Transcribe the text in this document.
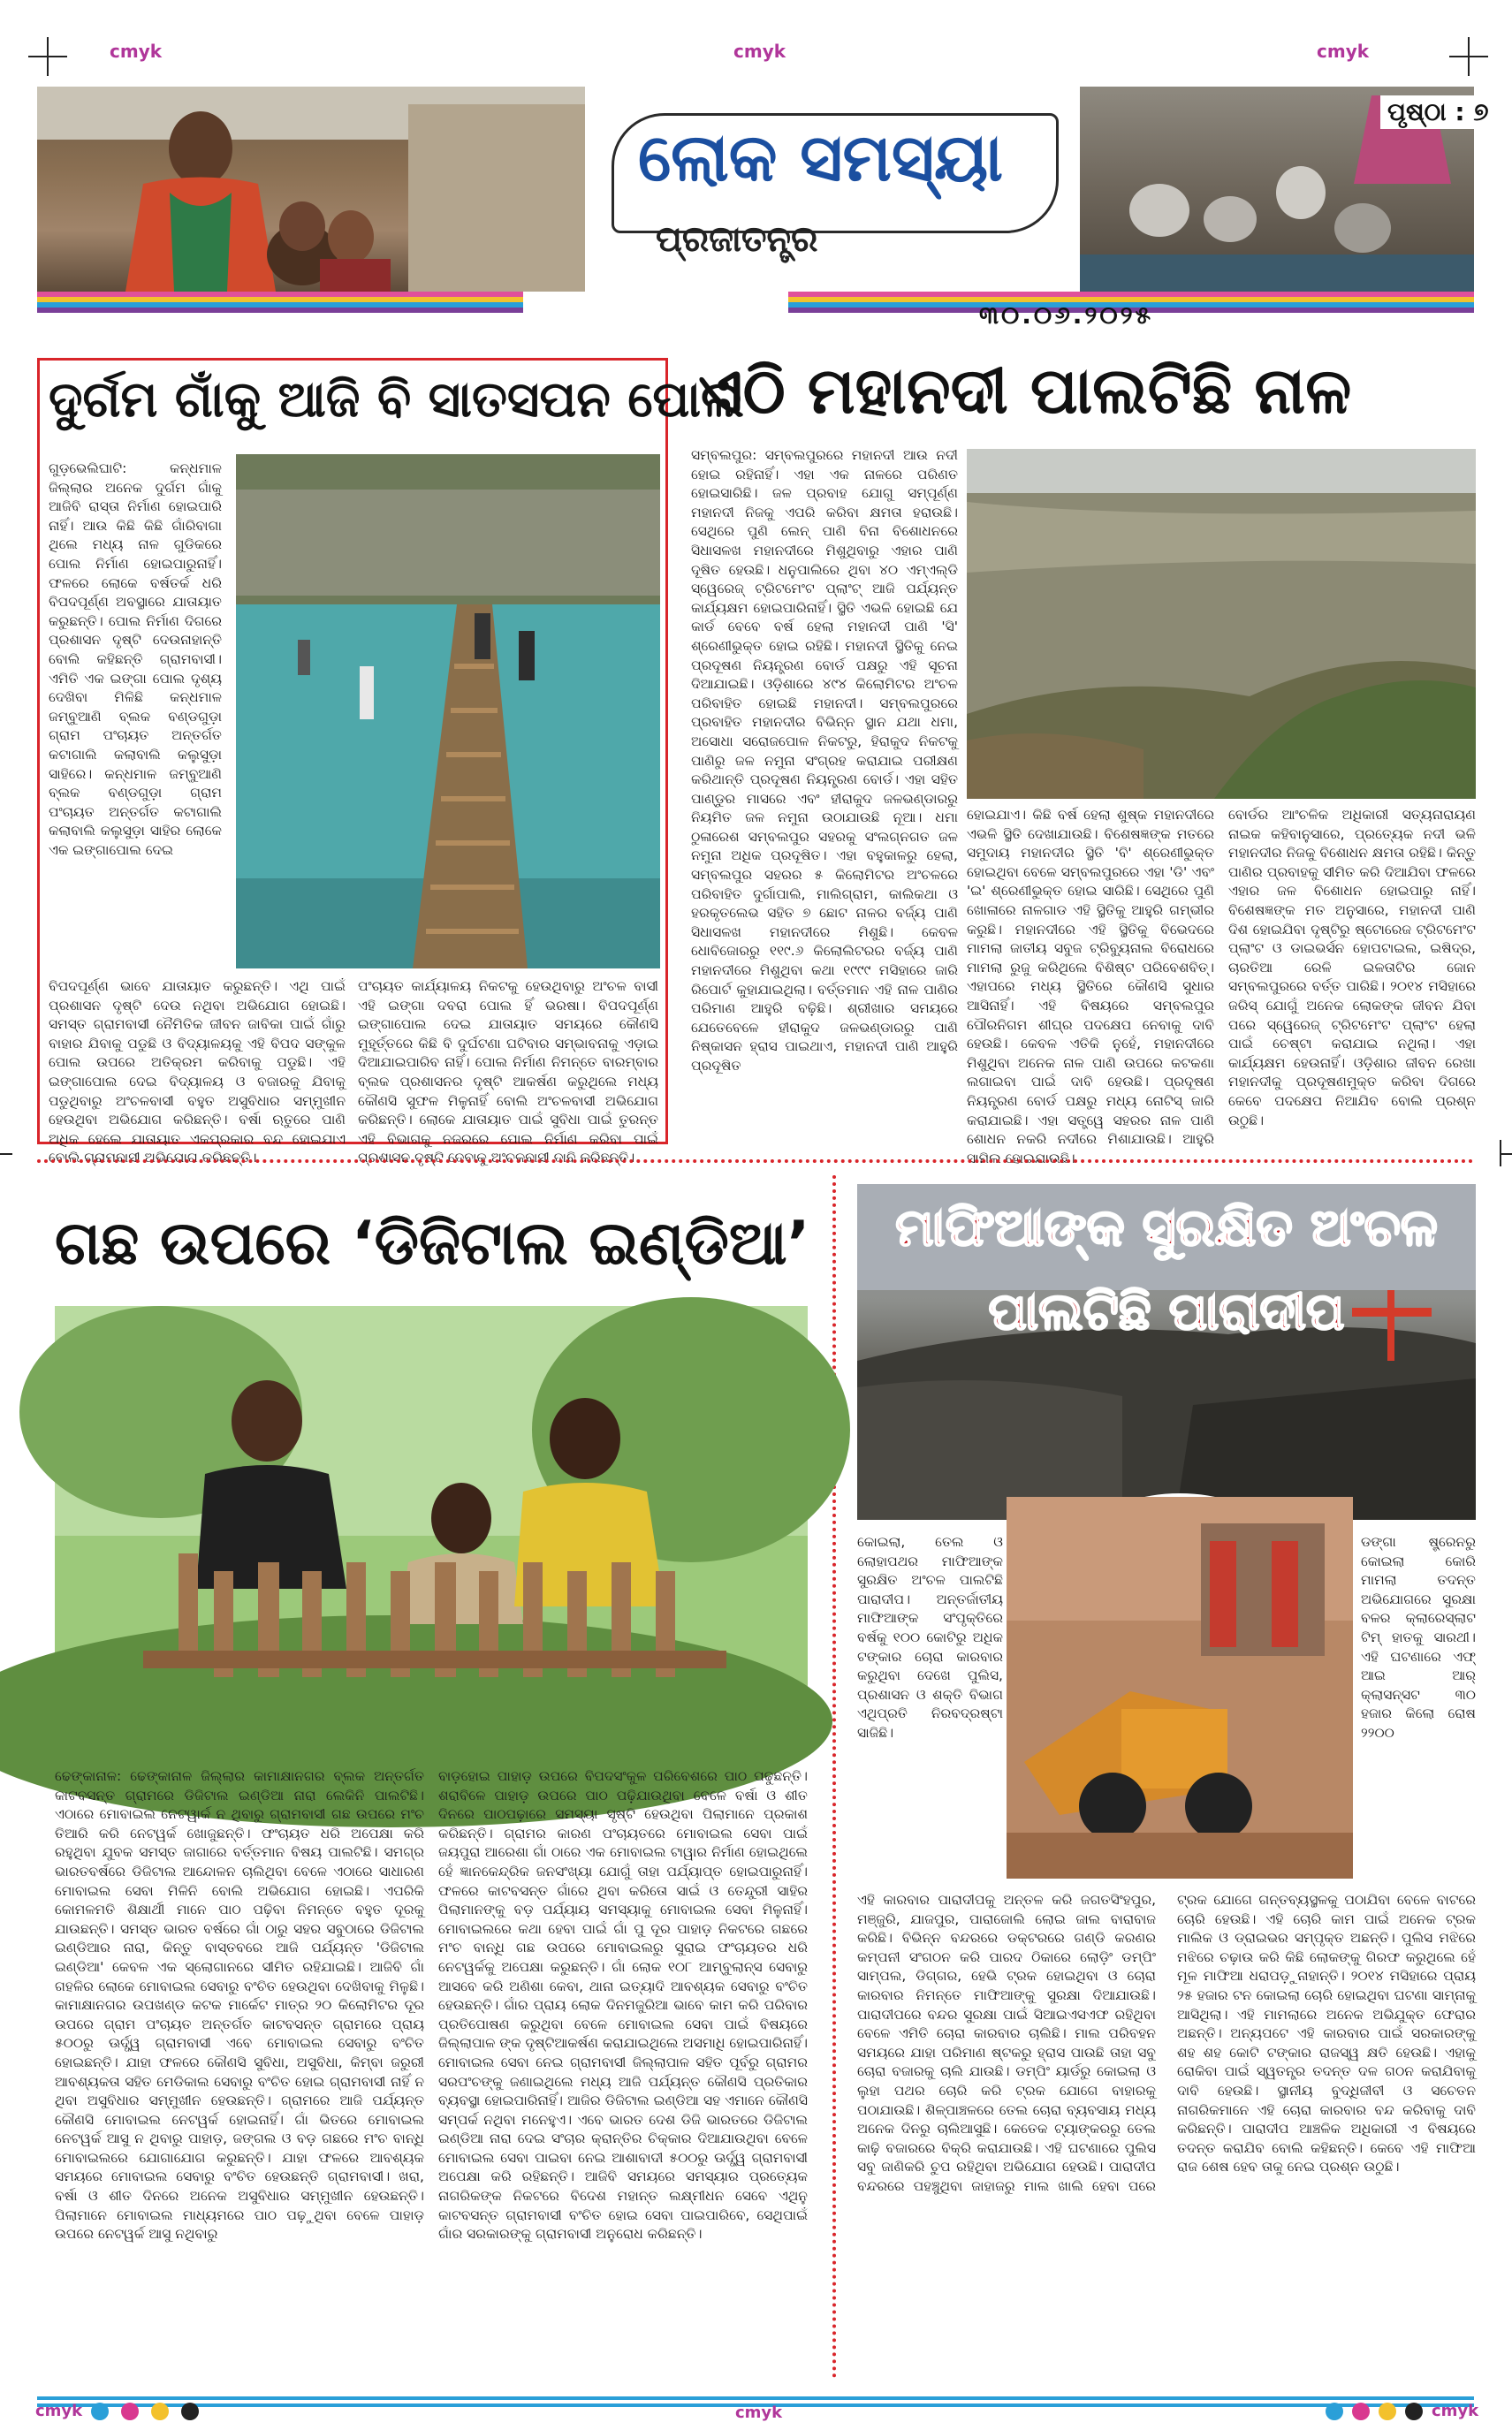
cmyk	cmyk	cmyk
ଲୋକ ସମସ୍ୟା
ପ୍ରଜାତନ୍ତ୍ର
ପୃଷ୍ଠା : ୭
୩୦.୦୬.୨୦୨୫
ଦୁର୍ଗମ ଗାଁକୁ ଆଜି ବି ସାତସପନ ପୋଲ
ଗୁଡ଼ଭେଲିଘାଟି: କନ୍ଧମାଳ ଜିଲ୍ଲାର ଅନେକ ଦୁର୍ଗମ ଗାଁକୁ ଆଜିବି ରାସ୍ତା ନିର୍ମାଣ ହୋଇପାରି ନାହିଁ। ଆଉ କିଛି କିଛି ଗାଁରିବାଗା ଥିଲେ ମଧ୍ୟ ନାଳ ଗୁଡିକରେ ପୋଲ ନିର୍ମାଣ ହୋଇପାରୁନାହିଁ। ଫଳରେ ଲୋକେ ବର୍ଷତର୍କ ଧରି ବିପଦପୂର୍ଣ୍ଣ ଅବସ୍ଥାରେ ଯାତାୟାତ କରୁଛନ୍ତି। ପୋଲ ନିର୍ମାଣ ଦିଗରେ ପ୍ରଶାସନ ଦୃଷ୍ଟି ଦେଉନାହାନ୍ତି ବୋଲି କହିଛନ୍ତି ଗ୍ରାମବାସୀ। ଏମିତି ଏକ ଇଙ୍ଗା ପୋଲ ଦୃଶ୍ୟ ଦେଖିବା ମିଳିଛି କନ୍ଧମାଳ ଜମ୍ବୁଆଣି ବ୍ଲକ ବଣ୍ଡଗୁଡ଼ା ଗ୍ରାମ ପଂଚାୟତ ଅନ୍ତର୍ଗତ କଟାଗାଲି କଲାବାଲି କଲୁସୁଡ଼ା ସାହିରେ। କନ୍ଧମାଳ ଜମ୍ବୁଆଣି ବ୍ଲକ ବଣ୍ଡଗୁଡ଼ା ଗ୍ରାମ ପଂଚାୟତ ଅନ୍ତର୍ଗତ କଟାଗାଲି କଲାବାଲି କଲୁସୁଡ଼ା ସାହିର ଲୋକେ ଏକ ଇଙ୍ଗାପୋଲ ଦେଇ
ବିପଦପୂର୍ଣ୍ଣ ଭାବେ ଯାତାୟାତ କରୁଛନ୍ତି। ଏଥି ପାଇଁ ପ୍ରଶାସନ ଦୃଷ୍ଟି ଦେଉ ନଥିବା ଅଭିଯୋଗ ହୋଇଛି। ସମସ୍ତ ଗ୍ରାମବାସୀ ନୈମିତିକ ଜୀବନ ଜାବିକା ପାଇଁ ଗାଁରୁ ବାହାର ଯିବାକୁ ପଡୁଛି ଓ ବିଦ୍ୟାଳୟକୁ ଏହି ବିପଦ ସଙ୍କୁଳ ପୋଲ ଉପରେ ଅତିକ୍ରମ କରିବାକୁ ପଡୁଛି। ଏହି ଇଙ୍ଗାପୋଲ ଦେଇ ବିଦ୍ୟାଳୟ ଓ ବଜାରକୁ ଯିବାକୁ ପଡୁଥିବାରୁ ଅଂଚଳବାସୀ ବହୁତ ଅସୁବିଧାର ସମ୍ମୁଖୀନ ହେଉଥିବା ଅଭିଯୋଗ କରିଛନ୍ତି। ବର୍ଷା ଋତୁରେ ପାଣି ଅଧିକ ହେଲେ ଯାତାୟାତ ଏକପ୍ରକାର ବନ୍ଦ ହୋଇଯାଏ ବୋଲି ଗ୍ରାମବାସୀ ଅଭିଯୋଗ କରିଛନ୍ତି।
ପଂଚାୟତ କାର୍ଯ୍ୟାଳୟ ନିକଟକୁ ହେଉଥିବାରୁ ଅଂଚଳ ବାସୀ ଏହି ଇଙ୍ଗା ଦବରା ପୋଲ ହିଁ ଭରଷା। ବିପଦପୂର୍ଣ୍ଣ ଇଙ୍ଗାପୋଲ ଦେଇ ଯାତାୟାତ ସମୟରେ କୌଣସି ମୁହୂର୍ତ୍ତରେ କିଛି ବି ଦୁର୍ଘଟଣା ଘଟିବାର ସମ୍ଭାବନାକୁ ଏଡ଼ାଇ ଦିଆଯାଇପାରିବ ନାହିଁ। ପୋଲ ନିର୍ମାଣ ନିମନ୍ତେ ବାରମ୍ବାର ବ୍ଲକ ପ୍ରଶାସନର ଦୃଷ୍ଟି ଆକର୍ଷଣ କରୁଥିଲେ ମଧ୍ୟ କୌଣସି ସୁଫଳ ମିଳୁନାହିଁ ବୋଲି ଅଂଚଳବାସୀ ଅଭିଯୋଗ କରିଛନ୍ତି। ଲୋକେ ଯାତାୟାତ ପାଇଁ ସୁବିଧା ପାଇଁ ତୁରନ୍ତ ଏହି ବିଭାଗକୁ ନଜରରେ ପୋଲ ନିର୍ମାଣ କରିବା ପାଇଁ ପ୍ରଶାସନ ଦୃଷ୍ଟି ଦେବାକୁ ଅଂଚଳବାସୀ ଦାବି କରିଛନ୍ତି।
ଏଠି ମହାନଦୀ ପାଲଟିଛି ନାଳ
ସମ୍ବଲପୁର: ସମ୍ବଲପୁରରେ ମହାନଦୀ ଆଉ ନଦୀ ହୋଇ ରହିନାହିଁ। ଏହା ଏକ ନାଳରେ ପରିଣତ ହୋଇସାରିଛି। ଜଳ ପ୍ରବାହ ଯୋଗୁ ସମ୍ପୂର୍ଣ୍ଣ ମହାନଦୀ ନିଜକୁ ଏପରି କରିବା କ୍ଷମତା ହରାଉଛି। ସେଥିରେ ପୁଣି ଲେନ୍ ପାଣି ବିନା ବିଶୋଧନରେ ସିଧାସଳଖ ମହାନଦୀରେ ମିଶୁଥିବାରୁ ଏହାର ପାଣି ଦୂଷିତ ହେଉଛି। ଧନୁପାଲିରେ ଥିବା ୪୦ ଏମ୍‌ଏଲ୍‌ଡି ସ୍ୱେରେଜ୍ ଟ୍ରିଟମେଂଟ ପ୍ଲାଂଟ୍ ଆଜି ପର୍ଯ୍ୟନ୍ତ କାର୍ଯ୍ୟକ୍ଷମ ହୋଇପାରିନାହିଁ। ସ୍ଥିତି ଏଭଳି ହୋଇଛି ଯେ କାର୍ଡ ବେବେ ବର୍ଷ ହେଲା ମହାନଦୀ ପାଣି 'ସି' ଶ୍ରେଣୀଭୁକ୍ତ ହୋଇ ରହିଛି। ମହାନଦୀ ସ୍ଥିତିକୁ ନେଇ ପ୍ରଦୂଷଣ ନିୟନ୍ତ୍ରଣ ବୋର୍ଡ ପକ୍ଷରୁ ଏହି ସୂଚନା ଦିଆଯାଇଛି। ଓଡ଼ିଶାରେ ୪୯୪ କିଲୋମିଟର ଅଂଚଳ ପରିବାହିତ ହୋଇଛି ମହାନଦୀ। ସମ୍ବଲପୁରରେ ପ୍ରବାହିତ ମହାନଦୀର ବିଭିନ୍ନ ସ୍ଥାନ ଯଥା ଧମା, ଅସୋଧା ସରୋଜପୋଳ ନିକଟରୁ, ହିରାକୁଦ ନିକଟକୁ ପାଣିରୁ ଜଳ ନମୁନା ସଂଗ୍ରହ କରାଯାଇ ପରୀକ୍ଷଣ କରିଥାନ୍ତି ପ୍ରଦୂଷଣ ନିୟନ୍ତ୍ରଣ ବୋର୍ଡ। ଏହା ସହିତ ପାଣ୍ଡୁର ମାସରେ ଏବଂ ହୀରାକୁଦ ଜଳଭଣ୍ଡାରରୁ ନିୟମିତ ଜଳ ନମୁନା ଉଠାଯାଉଛି ନୂଆ। ଧମା ଠୁଳାରେଶ ସମ୍ବଲପୁର ସହରକୁ ସଂଲଗ୍ନଗତ ଜଳ ନମୁନା ଅଧିକ ପ୍ରଦୂଷିତ। ଏହା ବହୁକାଳରୁ ହେଲା, ସମ୍ବଲପୁର ସହରର ୫ କିଲୋମିଟର ଅଂଚଳରେ ପରିବାହିତ ଦୁର୍ଗାପାଲି, ମାଲିଗ୍ରାମ, କାଲିକଥା ଓ ହରକୃତଲେଭ ସହିତ ୭ ଛୋଟ ନାଳର ବର୍ଜ୍ୟ ପାଣି ସିଧାସଳଖ ମହାନଦୀରେ ମିଶୁଛି। କେବଳ ଧୋବିଜୋରରୁ ୧୧୯.୬ କିଲୋଲିଟରର ବର୍ଜ୍ୟ ପାଣି ମହାନଦୀରେ ମିଶୁଥିବା କଥା ୧୯୯୯ ମସିହାରେ ଜାରି ରିପୋର୍ଟ କୁହାଯାଇଥିଲା। ବର୍ତ୍ତମାନ ଏହି ନାଳ ପାଣିର ପରିମାଣ ଆହୁରି ବଢ଼ିଛି। ଶ୍ରୀଖାର ସମୟରେ ଯେତେବେଳେ ହୀରାକୁଦ ଜଳଭଣ୍ଡାରରୁ ପାଣି ନିଷ୍କାସନ ହ୍ରାସ ପାଇଥାଏ, ମହାନଦୀ ପାଣି ଆହୁରି ପ୍ରଦୂଷିତ
ହୋଇଯାଏ। କିଛି ବର୍ଷ ହେଲା ଶୁଷ୍କ ମହାନଦୀରେ ଏଭଳି ସ୍ଥିତି ଦେଖାଯାଉଛି। ବିଶେଷଜ୍ଞଙ୍କ ମତରେ ସମୁଦାୟ ମହାନଦୀର ସ୍ଥିତି 'ବି' ଶ୍ରେଣୀଭୁକ୍ତ ହୋଇଥିବା ବେଳେ ସମ୍ବଲପୁରରେ ଏହା 'ଡି' ଏବଂ 'ଇ' ଶ୍ରେଣୀଭୁକ୍ତ ହୋଇ ସାରିଛି। ସେଥିରେ ପୁଣି ଖୋଳାରେ ନାଳଗାଡ ଏହି ସ୍ଥିତିକୁ ଆହୁରି ଗମ୍ଭୀର କରୁଛି। ମହାନଦୀରେ ଏହି ସ୍ଥିତିକୁ ବିଭେଦରେ ମାମଲା ଜାତୀୟ ସବୁଜ ଟ୍ରିବ୍ୟୁନାଲ ବିରୋଧରେ ମାମଲା ରୁଜୁ କରିଥିଲେ ବିଶିଷ୍ଟ ପରିବେଶବିତ୍। ଏହାପରେ ମଧ୍ୟ ସ୍ଥିତିରେ କୌଣସି ସୁଧାର ଆସିନାହିଁ। ଏହି ବିଷୟରେ ସମ୍ବଲପୁର ପୌରନିଗମ ଶୀଘ୍ର ପଦକ୍ଷେପ ନେବାକୁ ଦାବି ହେଉଛି। କେବଳ ଏତିକି ନୁହେଁ, ମହାନଦୀରେ ମିଶୁଥିବା ଅନେକ ନାଳ ପାଣି ଉପରେ କଟକଣା ଲଗାଇବା ପାଇଁ ଦାବି ହେଉଛି। ପ୍ରଦୂଷଣ ନିୟନ୍ତ୍ରଣ ବୋର୍ଡ ପକ୍ଷରୁ ମଧ୍ୟ ନୋଟିସ୍ ଜାରି କରାଯାଇଛି। ଏହା ସତ୍ତ୍ୱେ ସହରର ନାଳ ପାଣି ଶୋଧନ ନକରି ନଦୀରେ ମିଶାଯାଉଛି। ଆହୁରି ସାମିଲ ହୋଇଯାଉଛି।
ବୋର୍ଡର ଆଂଚଳିକ ଅଧିକାରୀ ସତ୍ୟନାରାୟଣ ନାଇକ କହିବାନୁସାରେ, ପ୍ରତ୍ୟେକ ନଦୀ ଭଳି ମହାନଦୀର ନିଜକୁ ବିଶୋଧନ କ୍ଷମତା ରହିଛି। କିନ୍ତୁ ପାଣିର ପ୍ରବାହକୁ ସୀମିତ କରି ଦିଆଯିବା ଫଳରେ ଏହାର ଜଳ ବିଶୋଧନ ହୋଇପାରୁ ନାହିଁ। ବିଶେଷଜ୍ଞଙ୍କ ମତ ଅନୁସାରେ, ମହାନଦୀ ପାଣି ଦିଶ ହୋଇଯିବା ଦୃଷ୍ଟିରୁ ଷ୍ଟୋରେଜ ଟ୍ରିଟମେଂଟ ପ୍ଲାଂଟ ଓ ଡାଇଭର୍ସନ ହୋପଟାଇଲ, ଇଷିଦ୍ର, ଚାରତିଆ ରେଳି ଇଳତାଟିର ଜୋନ ସମ୍ବଲପୁରରେ ବର୍ତ୍ତ ପାରିଛି। ୨୦୧୪ ମସିହାରେ ଜରିସ୍ ଯୋଗୁଁ ଅନେକ ଲୋକଙ୍କ ଜୀବନ ଯିବା ପରେ ସ୍ୱେରେଜ୍ ଟ୍ରିଟମେଂଟ ପ୍ଲାଂଟ ହେଲା ପାଇଁ ଚେଷ୍ଟା କରାଯାଇ ନଥିଲା। ଏହା କାର୍ଯ୍ୟକ୍ଷମ ହେଉନାହିଁ। ଓଡ଼ିଶାର ଜୀବନ ରେଖା ମହାନଦୀକୁ ପ୍ରଦୂଷଣମୁକ୍ତ କରିବା ଦିଗରେ କେବେ ପଦକ୍ଷେପ ନିଆଯିବ ବୋଲି ପ୍ରଶ୍ନ ଉଠୁଛି।
ଗଛ ଉପରେ ‘ଡିଜିଟାଲ ଇଣ୍ଡିଆ’
ଢେଙ୍କାନାଳ: ଢେଙ୍କାନାଳ ଜିଲ୍ଲାର କାମାକ୍ଷାନଗର ବ୍ଲକ ଅନ୍ତର୍ଗତ କାଟବସନ୍ତ ଗ୍ରାମରେ ଡିଜିଟାଲ ଇଣ୍ଡିଆ ନାରା ଲେକିନି ପାଲଟିଛି। ଏଠାରେ ମୋବାଇଲ ନେଟୱାର୍କ ନ ଥିବାରୁ ଗ୍ରାମବାସୀ ଗଛ ଉପରେ ମଂଚ ତିଆରି କରି ନେଟୱର୍କ ଖୋଜୁଛନ୍ତି। ଫଂଚାୟତ ଧରି ଅପେକ୍ଷା କରି ରହୁଥିବା ଯୁବକ ସମସ୍ତ ଜାଗାରେ ବର୍ତ୍ତମାନ ବିଷୟ ପାଲଟିଛି। ସମଗ୍ର ଭାରତବର୍ଷରେ ଡିଜିଟାଲ ଆନ୍ଦୋଳନ ଚାଲିଥିବା ବେଳେ ଏଠାରେ ସାଧାରଣ ମୋବାଇଲ ସେବା ମିଳିନି ବୋଲି ଅଭିଯୋଗ ହୋଇଛି। ଏପରିକି କୋମଳମତି ଶିକ୍ଷାର୍ଥୀ ମାନେ ପାଠ ପଢ଼ିବା ନିମନ୍ତେ ବହୁତ ଦୂରକୁ ଯାଉଛନ୍ତି। ସମସ୍ତ ଭାରତ ବର୍ଷରେ ଗାଁ ଠାରୁ ସହର ସବୁଠାରେ ଡିଜିଟାଲ ଇଣ୍ଡିଆର ନାରା, କିନ୍ତୁ ବାସ୍ତବରେ ଆଜି ପର୍ଯ୍ୟନ୍ତ 'ଡିଜିଟାଲ ଇଣ୍ଡିଆ' କେବଳ ଏକ ସ୍ଲୋଗାନରେ ସୀମିତ ରହିଯାଇଛି। ଆଜିବି ଗାଁ ଗହଳିର ଲୋକେ ମୋବାଇଲ ସେବାରୁ ବଂଚିତ ହେଉଥିବା ଦେଖିବାକୁ ମିଳୁଛି। କାମାକ୍ଷାନଗର ଉପଖଣ୍ଡ କଟକ ମାର୍କେଟ ମାତ୍ର ୨୦ କିଲୋମିଟର ଦୂର ଉପରେ ଗ୍ରାମ ପଂଚାୟତ ଅନ୍ତର୍ଗତ କାଟବସନ୍ତ ଗ୍ରାମରେ ପ୍ରାୟ ୫୦୦ରୁ ଊର୍ଦ୍ଧ୍ୱ ଗ୍ରାମବାସୀ ଏବେ ମୋବାଇଲ ସେବାରୁ ବଂଚିତ ହୋଇଛନ୍ତି। ଯାହା ଫଳରେ କୌଣସି ସୁବିଧା, ଅସୁବିଧା, କିମ୍ବା ଜରୁରୀ ଆବଶ୍ୟକତା ସହିତ ମେଡିକାଲ ସେବାରୁ ବଂଚିତ ହୋଇ ଗ୍ରାମବାସୀ ନାହିଁ ନ ଥିବା ଅସୁବିଧାର ସମ୍ମୁଖୀନ ହେଉଛନ୍ତି। ଗ୍ରାମରେ ଆଜି ପର୍ଯ୍ୟନ୍ତ କୌଣସି ମୋବାଇଲ ନେଟୱର୍କ ହୋଇନାହିଁ। ଗାଁ ଭିତରେ ମୋବାଇଲ ନେଟୱର୍କ ଆସୁ ନ ଥିବାରୁ ପାହାଡ଼, ଜଙ୍ଗଲ ଓ ବଡ଼ ଗଛରେ ମଂଚ ବାନ୍ଧି ମୋବାଇଲରେ ଯୋଗାଯୋଗ କରୁଛନ୍ତି। ଯାହା ଫଳରେ ଆବଶ୍ୟକ ସମୟରେ ମୋବାଇଲ ସେବାରୁ ବଂଚିତ ହେଉଛନ୍ତି ଗ୍ରାମବାସୀ। ଖରା, ବର୍ଷା ଓ ଶୀତ ଦିନରେ ଅନେକ ଅସୁବିଧାର ସମ୍ମୁଖୀନ ହେଉଛନ୍ତି। ପିଲାମାନେ ମୋବାଇଲ ମାଧ୍ୟମରେ ପାଠ ପଢ଼ୁଥିବା ବେଳେ ପାହାଡ଼ ଉପରେ ନେଟୱର୍କ ଆସୁ ନଥିବାରୁ
ବାଡ଼ହୋଇ ପାହାଡ଼ ଉପରେ ବିପଦସଂକୁଳ ପରିବେଶରେ ପାଠ ପଢୁଛନ୍ତି। ଶରାବିଳେ ପାହାଡ଼ ଉପରେ ପାଠ ପଢ଼ିଯାଉଥିବା ବେଳେ ବର୍ଷା ଓ ଶୀତ ଦିନରେ ପାଠପଢ଼ାରେ ସମସ୍ୟା ସୃଷ୍ଟି ହେଉଥିବା ପିଲାମାନେ ପ୍ରକାଶ କରିଛନ୍ତି। ଗ୍ରାମର କାରଣ ପଂଚାୟତରେ ମୋବାଇଲ ସେବା ପାଇଁ ଜୟପୁରା ଆରେଶା ଗାଁ ଠାରେ ଏକ ମୋବାଇଲ ଟାୱାର ନିର୍ମାଣ ହୋଇଥିଲେ ହେଁ ଜ୍ଞାନକେନ୍ଦ୍ରିକ ଜନସଂଖ୍ୟା ଯୋଗୁଁ ତାହା ପର୍ଯ୍ୟାପ୍ତ ହୋଇପାରୁନାହିଁ। ଫଳରେ କାଟବସନ୍ତ ଗାଁରେ ଥିବା କରିତୋ ସାଇଁ ଓ ତେନ୍ଦୁରୀ ସାହିର ପିଲାମାନଙ୍କୁ ବଡ଼ ପର୍ଯ୍ୟାୟ ସମସ୍ୟାକୁ ମୋବାଇଲ ସେବା ମିଳୁନାହିଁ। ମୋବାଇଲରେ କଥା ହେବା ପାଇଁ ଗାଁ ପୁ ଦୂର ପାହାଡ଼ ନିକଟରେ ଗଛରେ ମଂଚ ବାନ୍ଧି ଗଛ ଉପରେ ମୋବାଇଲରୁ ସୁରାଇ ଫଂଚାୟତର ଧରି ନେଟୱର୍କକୁ ଅପେକ୍ଷା କରୁଛନ୍ତି। ଗାଁ ଲୋକ ୧୦୮ ଆମ୍ବୁଲାନ୍ସ ସେବାରୁ ଆସବେ କରି ଅଣିଶା କେବା, ଥାନା ଇତ୍ୟାଦି ଆବଶ୍ୟକ ସେବାରୁ ବଂଚିତ ହେଉଛନ୍ତି। ଗାଁର ପ୍ରାୟ ଲୋକ ଦିନମଜୁରିଆ ଭାବେ କାମ କରି ପରିବାର ପ୍ରତିପୋଷଣ କରୁଥିବା ବେଳେ ମୋବାଇଲ ସେବା ପାଇଁ ବିଷୟରେ ଜିଲ୍ଲାପାଳ ଙ୍କ ଦୃଷ୍ଟିଆକର୍ଷଣ କରାଯାଇଥିଲେ ଅସମାଧି ହୋଇପାରିନାହିଁ। ମୋବାଇଲ ସେବା ନେଇ ଗ୍ରାମବାସୀ ଜିଲ୍ଲାପାଳ ସହିତ ପୂର୍ବରୁ ଗ୍ରାମର ସରପଂଚଙ୍କୁ ଜଣାଇଥିଲେ ମଧ୍ୟ ଆଜି ପର୍ଯ୍ୟନ୍ତ କୌଣସି ପ୍ରତିକାର ବ୍ୟବସ୍ଥା ହୋଇପାରିନାହିଁ। ଆଜିର ଡିଜିଟାଲ ଇଣ୍ଡିଆ ସହ ଏମାନେ କୌଣସି ସମ୍ପର୍କ ନଥିବା ମନେହୁଏ। ଏବେ ଭାରତ ଦେଶ ଡିଜି ଭାରତରେ ଡିଜିଟାଲ ଇଣ୍ଡିଆ ନାରା ଦେଇ ସଂଚାର କ୍ରାନ୍ତିର ଚିକ୍କାର ଦିଆଯାଉଥିବା ବେଳେ ମୋବାଇଲ ସେବା ପାଇବା ନେଇ ଆଶାବାଦୀ ୫୦୦ରୁ ଊର୍ଦ୍ଧ୍ୱ ଗ୍ରାମବାସୀ ଅପେକ୍ଷା କରି ରହିଛନ୍ତି। ଆଜିବି ସମୟରେ ସମସ୍ୟାର ପ୍ରତ୍ୟେକ ନାଗରିକଙ୍କ ନିକଟରେ ବିଦେଶ ମହାନ୍ତ ଲକ୍ଷ୍ମୀଧନ ସେବେ ଏଥିନୁ କାଟବସନ୍ତ ଗ୍ରାମବାସୀ ବଂଚିତ ହୋଇ ସେବା ପାଇପାରିବେ, ସେଥିପାଇଁ ଗାଁର ସରକାରଙ୍କୁ ଗ୍ରାମବାସୀ ଅନୁରୋଧ କରିଛନ୍ତି।
ମାଫିଆଙ୍କ ସୁରକ୍ଷିତ ଅଂଚଳ
ପାଲଟିଛି ପାରାଦୀପ
କୋଇଲା, ତେଲ ଓ ଲୋହାପଥର ମାଫିଆଙ୍କ ସୁରକ୍ଷିତ ଅଂଚଳ ପାଲଟିଛି ପାରାଦୀପ। ଅନ୍ତର୍ଜାତୀୟ ମାଫିଆଙ୍କ ସଂପୃକ୍ତିରେ ବର୍ଷକୁ ୧୦୦ କୋଟିରୁ ଅଧିକ ଟଙ୍କାର ଚୋରା କାରବାର କରୁଥିବା ଦେଖେ ପୁଲିସ, ପ୍ରଶାସନ ଓ ଶକ୍ତି ବିଭାଗ ଏଥିପ୍ରତି ନିରବଦ୍ରଷ୍ଟା ସାଜିଛି।
ଡଙ୍ଗା ଷ୍ଟ୍ରେନରୁ କୋଇଲା କୋରି ମାମଲା ତଦନ୍ତ ଅଭିଯୋଗରେ ସୁରକ୍ଷା ବଳର କ୍ଲାରେସ୍ଲାଟ ଟିମ୍ ହାତକୁ ସାରଥୀ। ଏହି ଘଟଣାରେ ଏଫ୍ ଆଇ ଆର୍ କ୍ଲାସନ୍ସଟ ୩୦ ହଜାର କିଲୋ ରୋଷ ୨୨୦୦
ଏହି କାରବାର ପାରାଦୀପକୁ ଅନ୍ତଳ କରି ଜଗତସିଂହପୁର, ମଞ୍ଜୁରି, ଯାଜପୁର, ପାରାଜୋଲି ଲୋଇ ଜାଲ ବାରାବାଜ କରିଛି। ବିଭିନ୍ନ ବନ୍ଦରରେ ଡକ୍ଟରରେ ଗଣ୍ଡି କରଣର କମ୍ପନୀ ସଂଗଠନ କରି ପାରଦ ଠିକାରେ ଲୋଡ଼ିଂ ଡମ୍ପିଂ ସାମ୍ପଲ, ଡିଗ୍ଗର, ହେଭି ଟ୍ରକ ହୋଇଥିବା ଓ ଚୋରା କାରବାର ନିମନ୍ତେ ମାଫିଆଙ୍କୁ ସୁରକ୍ଷା ଦିଆଯାଉଛି। ପାରାଦୀପରେ ବନ୍ଦର ସୁରକ୍ଷା ପାଇଁ ସିଆଇଏସଏଫ ରହିଥିବା ବେଳେ ଏମିତି ଚୋରା କାରବାର ଚାଲିଛି। ମାଲ ପରିବହନ ସମୟରେ ଯାହା ପରିମାଣ ଷ୍ଟକରୁ ହ୍ରାସ ପାଉଛି ତାହା ସବୁ ଚୋରା ବଜାରକୁ ଚାଲି ଯାଉଛି। ଡମ୍ପିଂ ୟାର୍ଡରୁ କୋଇଲା ଓ ଲୁହା ପଥର ଚୋରି କରି ଟ୍ରକ ଯୋଗେ ବାହାରକୁ ପଠାଯାଉଛି। ଶିଳ୍ପାଞ୍ଚଳରେ ତେଲ ଚୋରା ବ୍ୟବସାୟ ମଧ୍ୟ ଅନେକ ଦିନରୁ ଚାଲିଆସୁଛି। କେତେକ ଟ୍ୟାଙ୍କରରୁ ତେଲ କାଢ଼ି ବଜାରରେ ବିକ୍ରି କରାଯାଉଛି। ଏହି ଘଟଣାରେ ପୁଲିସ ସବୁ ଜାଣିକରି ଚୁପ ରହିଥିବା ଅଭିଯୋଗ ହେଉଛି। ପାରାଦୀପ ବନ୍ଦରରେ ପହଞ୍ଚୁଥିବା ଜାହାଜରୁ ମାଲ ଖାଲି ହେବା ପରେ ଟ୍ରକ ଯୋଗେ ଗନ୍ତବ୍ୟସ୍ଥଳକୁ ପଠାଯିବା ବେଳେ ବାଟରେ ଚୋରି ହେଉଛି। ଏହି ଚୋରି କାମ ପାଇଁ ଅନେକ ଟ୍ରକ ମାଲିକ ଓ ଡ୍ରାଇଭର ସମ୍ପୃକ୍ତ ଅଛନ୍ତି। ପୁଲିସ ମଝିରେ ମଝିରେ ଚଢ଼ାଉ କରି କିଛି ଲୋକଙ୍କୁ ଗିରଫ କରୁଥିଲେ ହେଁ ମୂଳ ମାଫିଆ ଧରାପଡ଼ୁନାହାନ୍ତି। ୨୦୧୪ ମସିହାରେ ପ୍ରାୟ ୨୫ ହଜାର ଟନ କୋଇଲା ଚୋରି ହୋଇଥିବା ଘଟଣା ସାମ୍ନାକୁ ଆସିଥିଲା। ଏହି ମାମଲାରେ ଅନେକ ଅଭିଯୁକ୍ତ ଫେରାର ଅଛନ୍ତି। ଅନ୍ୟପଟେ ଏହି କାରବାର ପାଇଁ ସରକାରଙ୍କୁ ଶହ ଶହ କୋଟି ଟଙ୍କାର ରାଜସ୍ୱ କ୍ଷତି ହେଉଛି। ଏହାକୁ ରୋକିବା ପାଇଁ ସ୍ୱତନ୍ତ୍ର ତଦନ୍ତ ଦଳ ଗଠନ କରାଯିବାକୁ ଦାବି ହେଉଛି। ସ୍ଥାନୀୟ ବୁଦ୍ଧିଜୀବୀ ଓ ସଚେତନ ନାଗରିକମାନେ ଏହି ଚୋରା କାରବାର ବନ୍ଦ କରିବାକୁ ଦାବି କରିଛନ୍ତି। ପାରାଦୀପ ଆଞ୍ଚଳିକ ଅଧିକାରୀ ଏ ବିଷୟରେ ତଦନ୍ତ କରାଯିବ ବୋଲି କହିଛନ୍ତି। କେବେ ଏହି ମାଫିଆ ରାଜ ଶେଷ ହେବ ତାକୁ ନେଇ ପ୍ରଶ୍ନ ଉଠୁଛି।
cmyk	cmyk	cmyk
